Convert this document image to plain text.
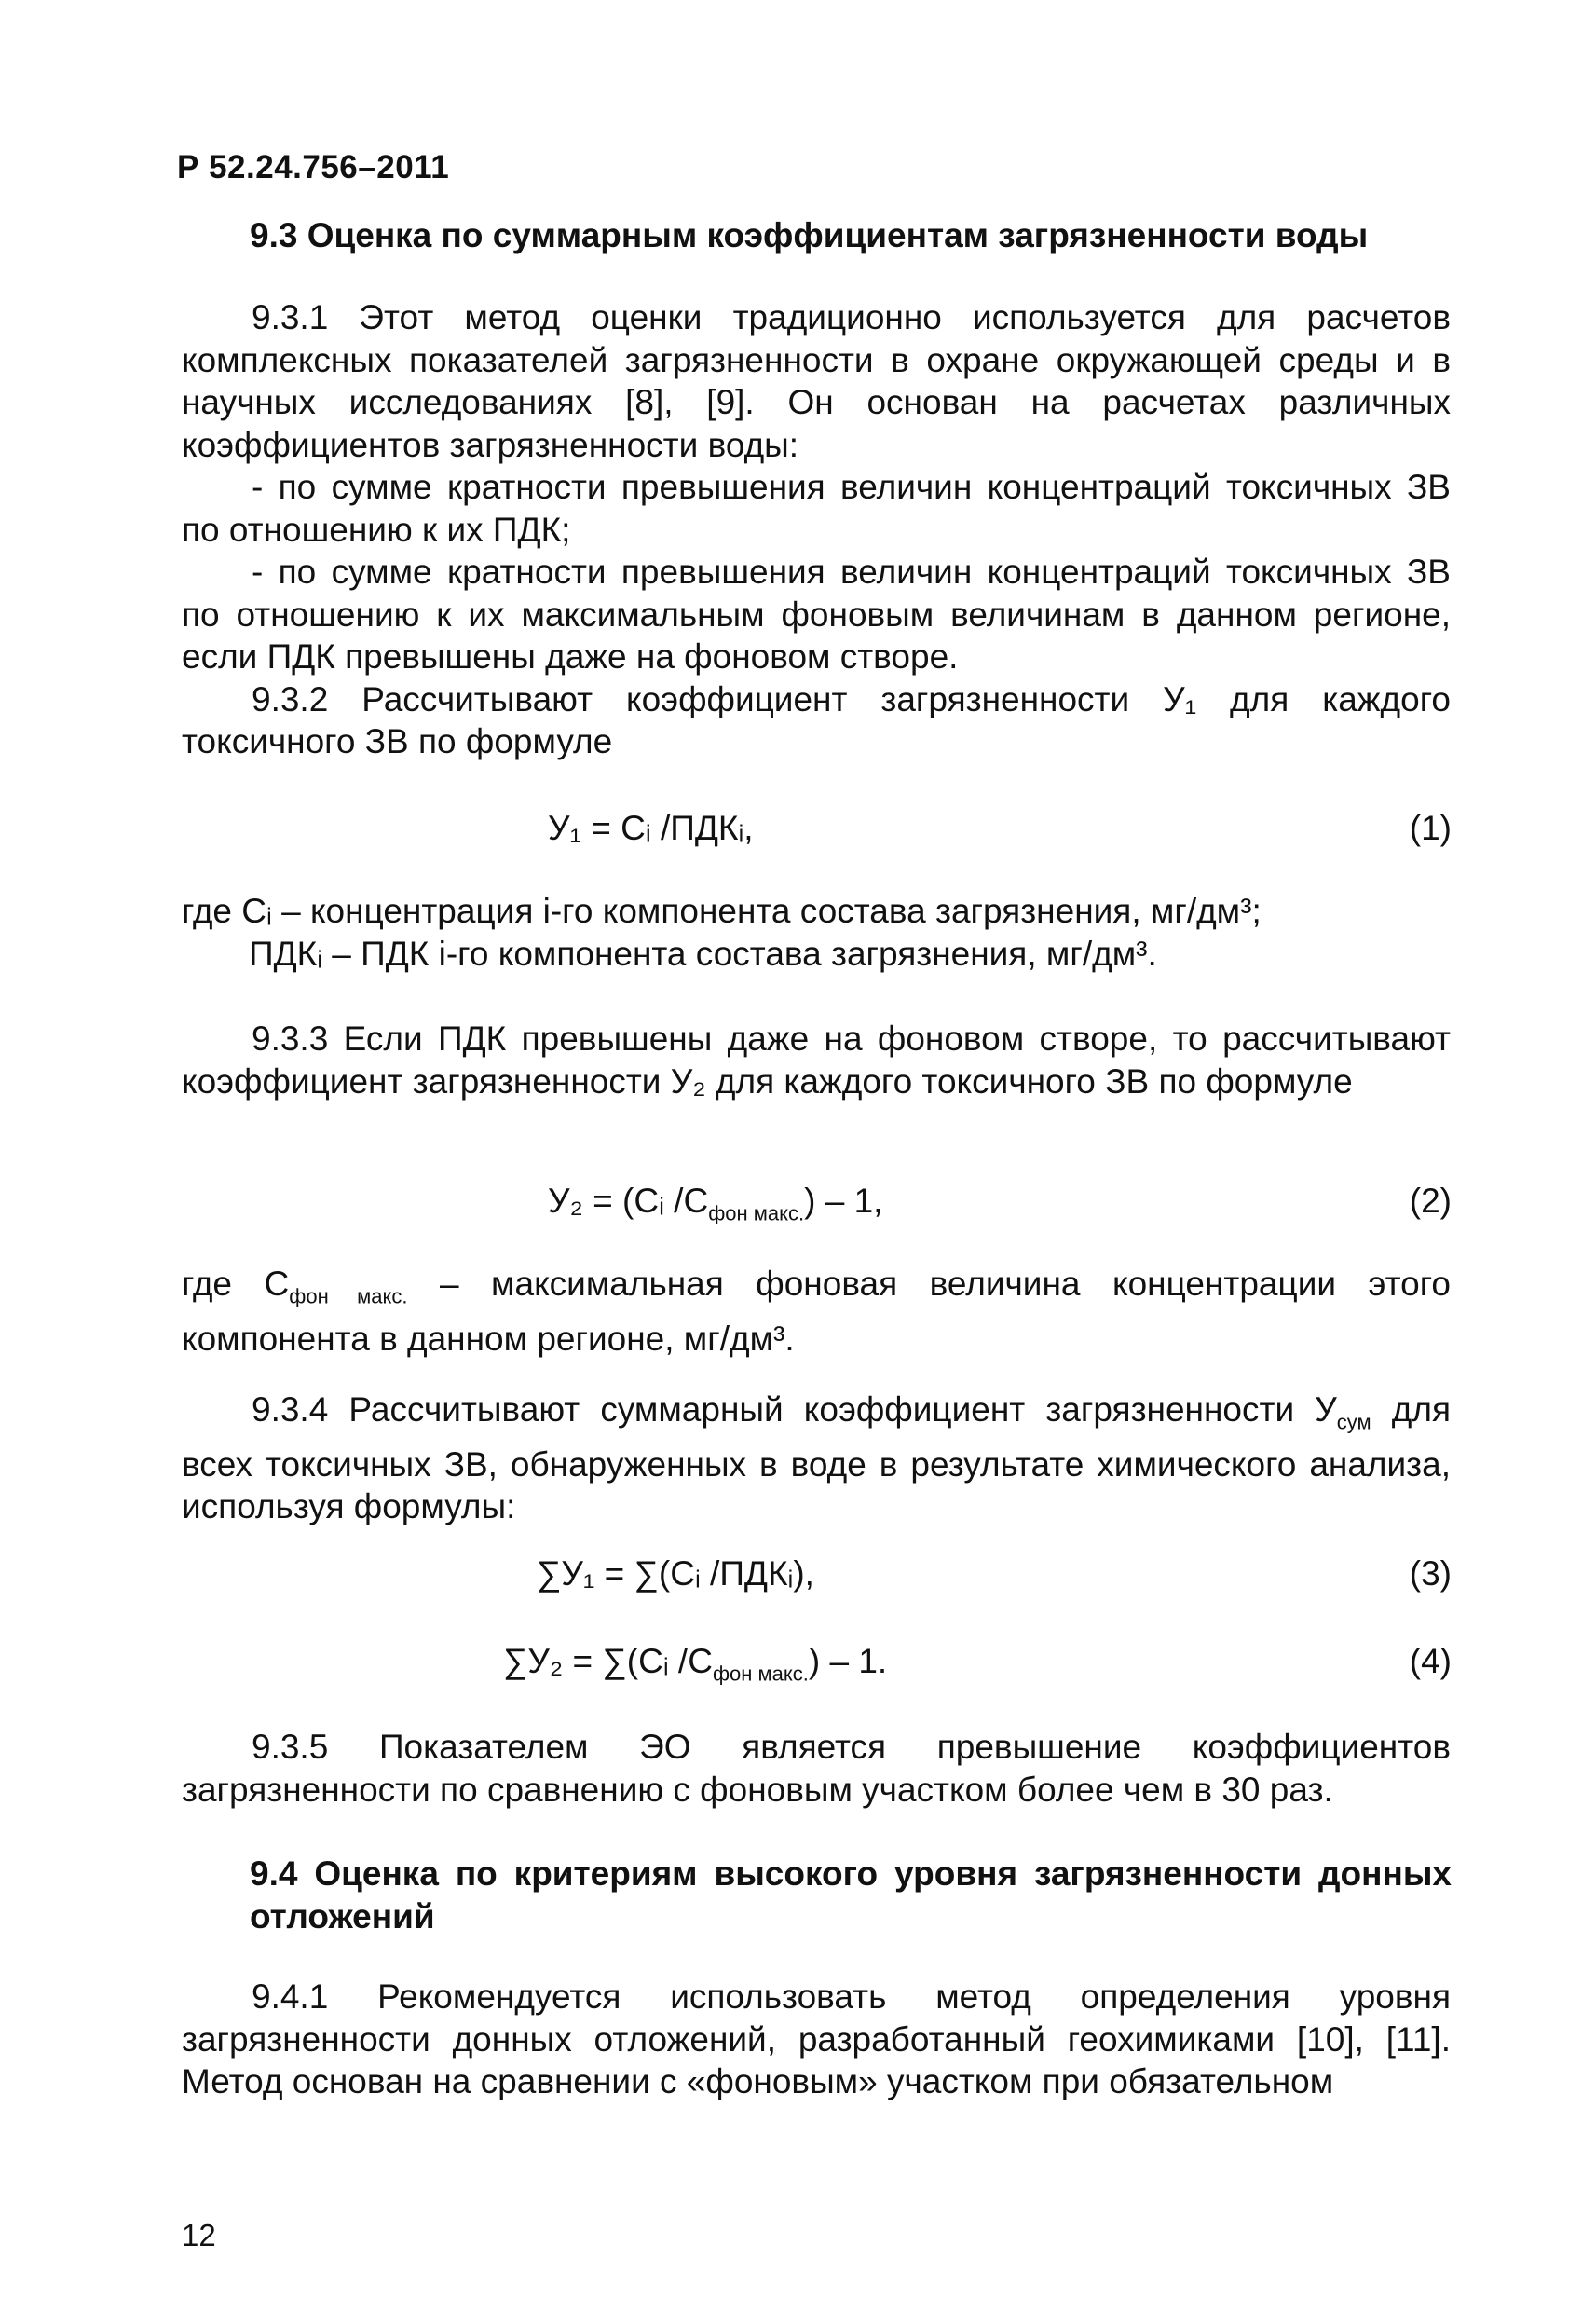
Р 52.24.756–2011
9.3 Оценка по суммарным коэффициентам загрязненности воды
9.3.1 Этот метод оценки традиционно используется для расчетов комплексных показателей загрязненности в охране окружающей среды и в научных исследованиях [8], [9]. Он основан на расчетах различных коэффициентов загрязненности воды:
- по сумме кратности превышения величин концентраций токсичных ЗВ по отношению к их ПДК;
- по сумме кратности превышения величин концентраций токсичных ЗВ по отношению к их максимальным фоновым величинам в данном регионе, если ПДК превышены даже на фоновом створе.
9.3.2 Рассчитывают коэффициент загрязненности У₁ для каждого токсичного ЗВ по формуле
У₁ = Cᵢ /ПДКᵢ,	(1)
где Cᵢ – концентрация i-го компонента состава загрязнения, мг/дм³;
ПДКᵢ – ПДК i-го компонента состава загрязнения, мг/дм³.
9.3.3 Если ПДК превышены даже на фоновом створе, то рассчитывают коэффициент загрязненности У₂ для каждого токсичного ЗВ по формуле
У₂ = (Cᵢ $/C_{фон макс.}) - 1$,	(2)
где $C_{фон макс.}$ – максимальная фоновая величина концентрации этого компонента в данном регионе, мг/дм³.
9.3.4 Рассчитывают суммарный коэффициент загрязненности $У_{сум}$ для всех токсичных ЗВ, обнаруженных в воде в результате химического анализа, используя формулы:
∑У₁ = ∑(Cᵢ /ПДКᵢ),	(3)
∑У₂ = ∑(Cᵢ $/C_{фон макс.}) - 1$.	(4)
9.3.5 Показателем ЭО является превышение коэффициентов загрязненности по сравнению с фоновым участком более чем в 30 раз.
9.4 Оценка по критериям высокого уровня загрязненности донных отложений
9.4.1 Рекомендуется использовать метод определения уровня загрязненности донных отложений, разработанный геохимиками [10], [11]. Метод основан на сравнении с «фоновым» участком при обязательном
12
